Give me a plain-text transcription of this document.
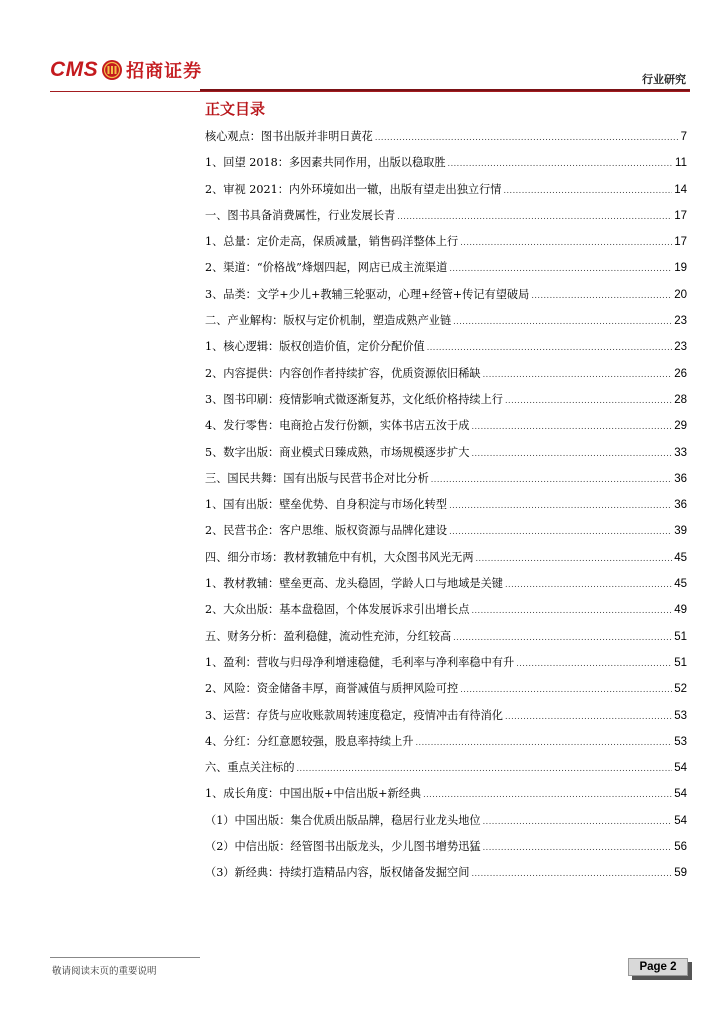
CMS 招商证券	行业研究
正文目录
核心观点：图书出版并非明日黄花 .....	7
1、回望 2018：多因素共同作用，出版以稳取胜 .....	11
2、审视 2021：内外环境如出一辙，出版有望走出独立行情 .....	14
一、图书具备消费属性，行业发展长青 .....	17
1、总量：定价走高，保质减量，销售码洋整体上行 .....	17
2、渠道：“价格战”烽烟四起，网店已成主流渠道 .....	19
3、品类：文学+少儿+教辅三轮驱动，心理+经管+传记有望破局 .....	20
二、产业解构：版权与定价机制，塑造成熟产业链 .....	23
1、核心逻辑：版权创造价值，定价分配价值 .....	23
2、内容提供：内容创作者持续扩容，优质资源依旧稀缺 .....	26
3、图书印刷：疫情影响式微逐渐复苏，文化纸价格持续上行 .....	28
4、发行零售：电商抢占发行份额，实体书店五汝于成 .....	29
5、数字出版：商业模式日臻成熟，市场规模逐步扩大 .....	33
三、国民共舞：国有出版与民营书企对比分析 .....	36
1、国有出版：壁垒优势、自身积淀与市场化转型 .....	36
2、民营书企：客户思维、版权资源与品牌化建设 .....	39
四、细分市场：教材教辅危中有机，大众图书风光无两 .....	45
1、教材教辅：壁垒更高、龙头稳固，学龄人口与地域是关键 .....	45
2、大众出版：基本盘稳固，个体发展诉求引出增长点 .....	49
五、财务分析：盈利稳健，流动性充沛，分红较高 .....	51
1、盈利：营收与归母净利增速稳健，毛利率与净利率稳中有升 .....	51
2、风险：资金储备丰厚，商誉减值与质押风险可控 .....	52
3、运营：存货与应收账款周转速度稳定，疫情冲击有待消化 .....	53
4、分红：分红意愿较强，股息率持续上升 .....	53
六、重点关注标的 .....	54
1、成长角度：中国出版+中信出版+新经典 .....	54
（1）中国出版：集合优质出版品牌，稳居行业龙头地位 .....	54
（2）中信出版：经管图书出版龙头，少儿图书增势迅猛 .....	56
（3）新经典：持续打造精品内容，版权储备发掘空间 .....	59
敬请阅读末页的重要说明	Page 2
